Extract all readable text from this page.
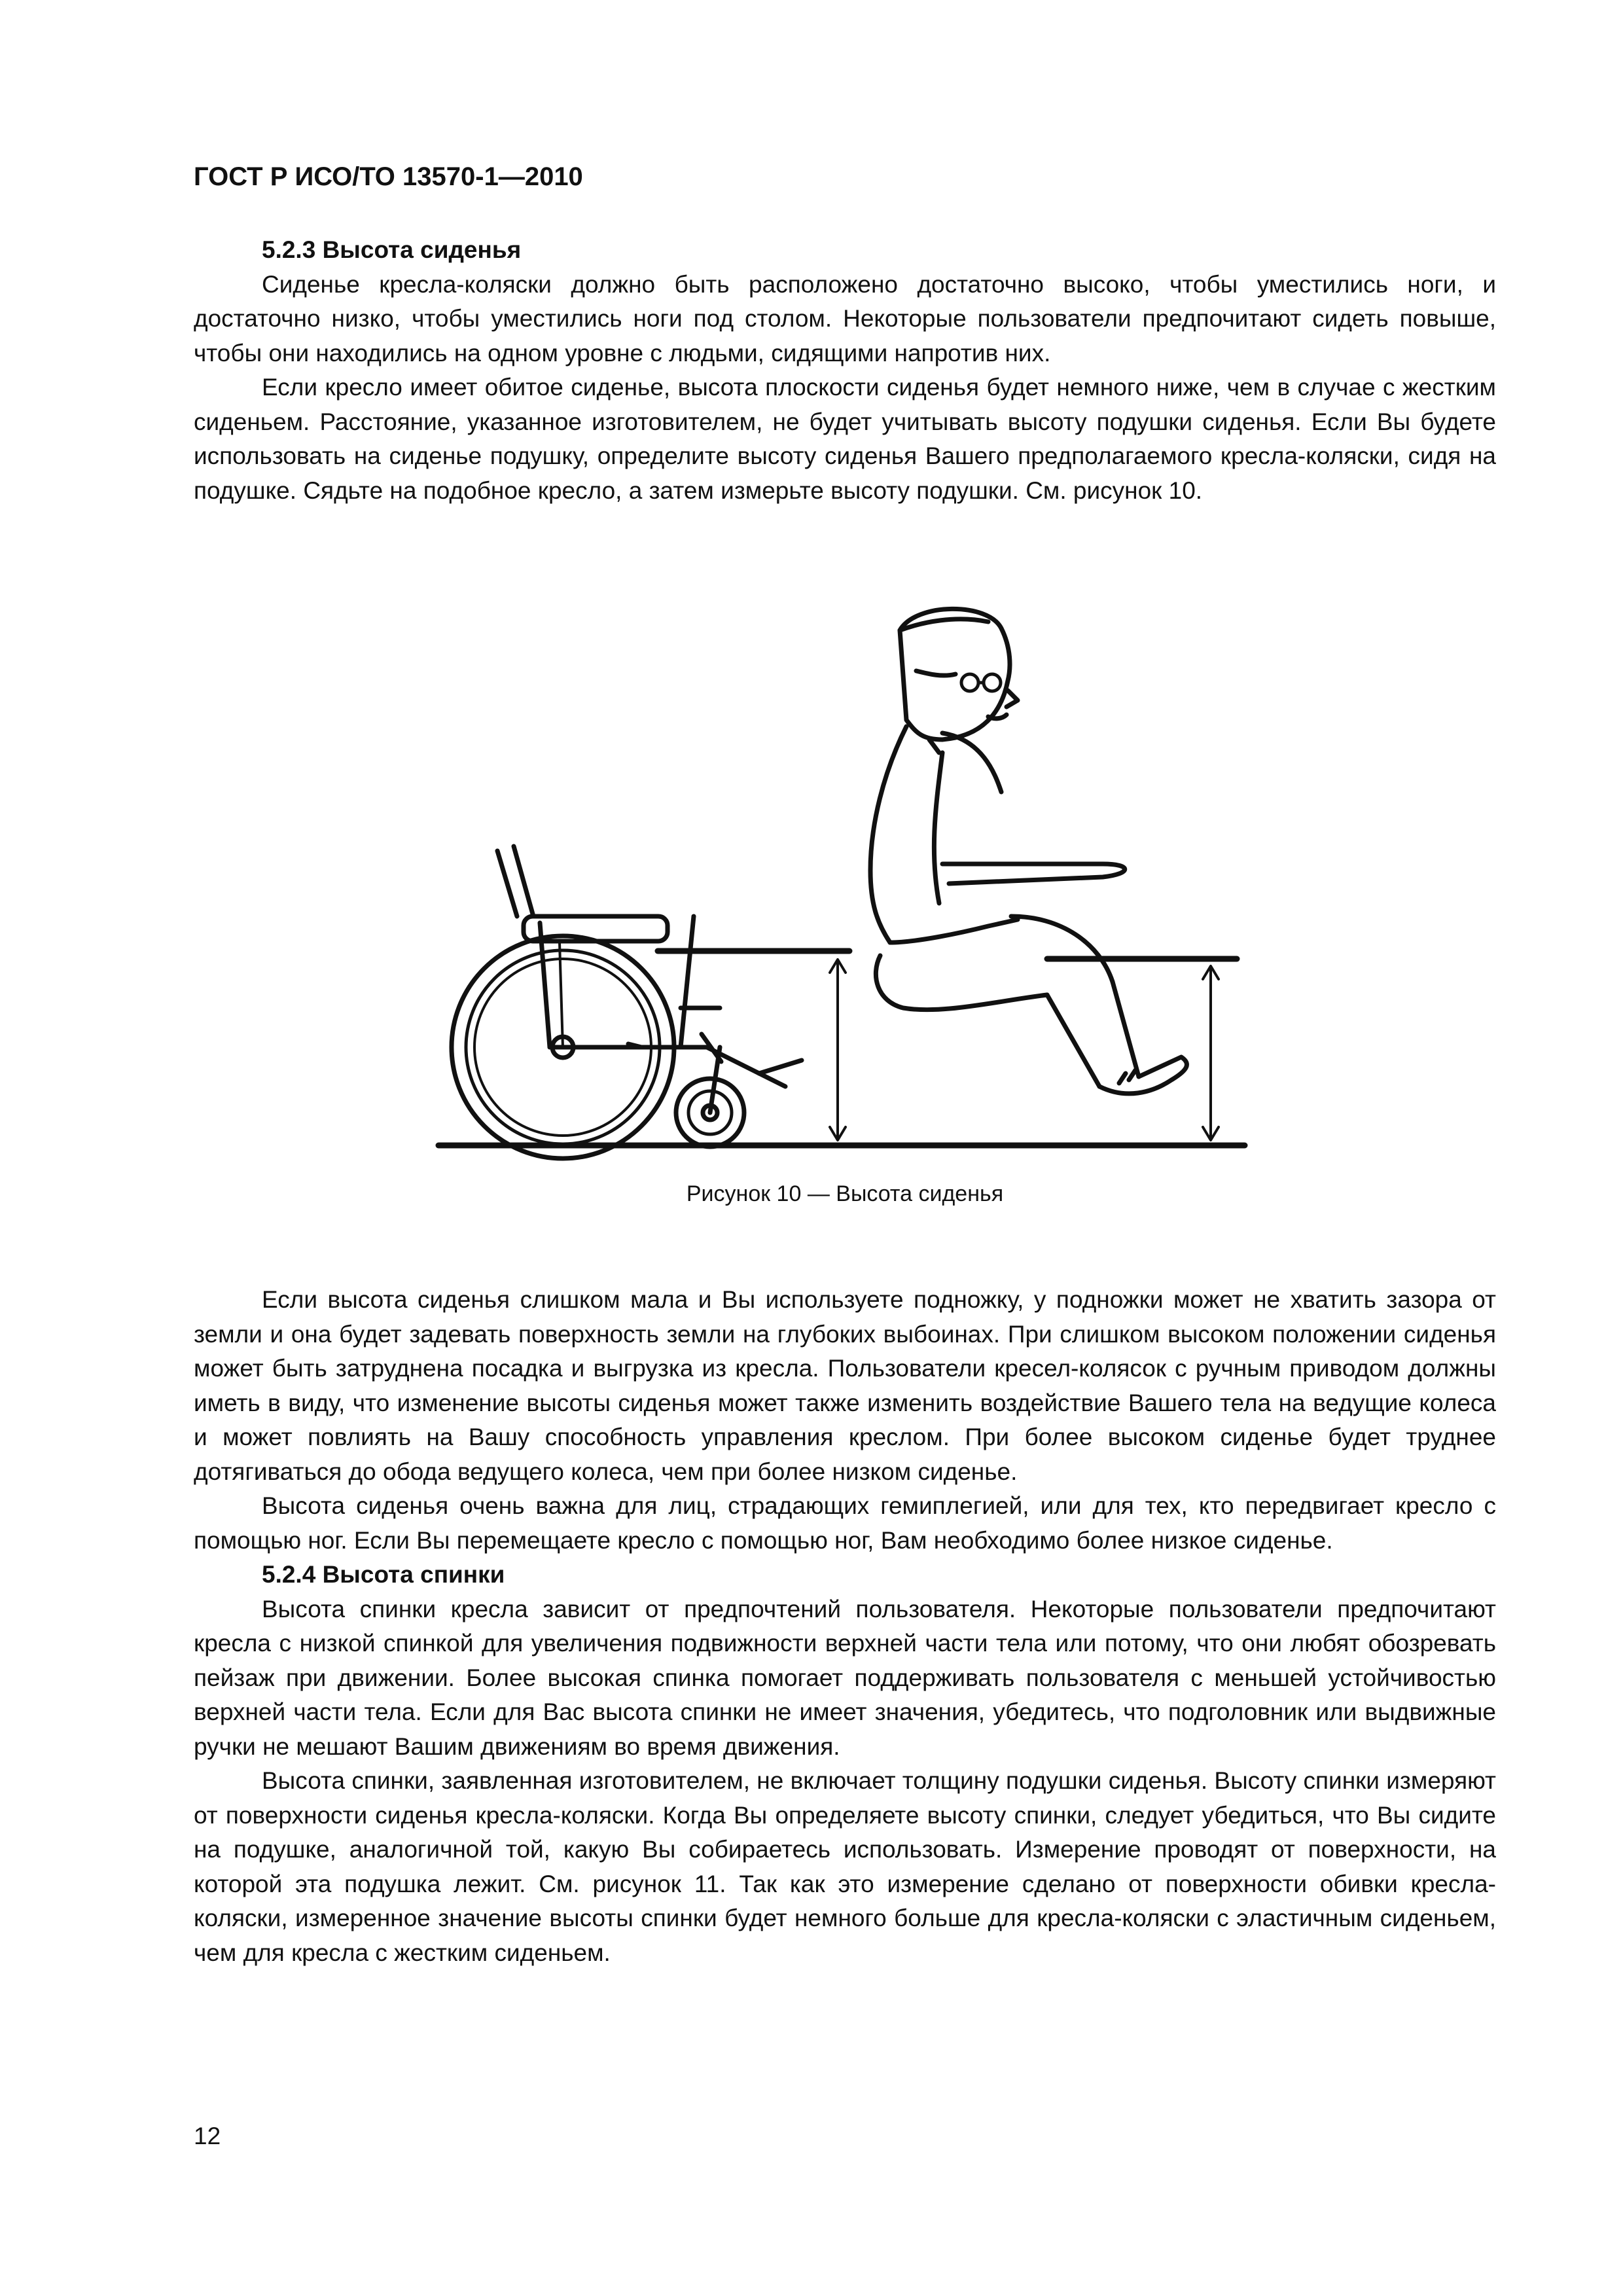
ГОСТ Р ИСО/ТО 13570-1—2010

5.2.3 Высота сиденья

Сиденье кресла-коляски должно быть расположено достаточно высоко, чтобы уместились ноги, и достаточно низко, чтобы уместились ноги под столом. Некоторые пользователи предпочитают сидеть повыше, чтобы они находились на одном уровне с людьми, сидящими напротив них.

Если кресло имеет обитое сиденье, высота плоскости сиденья будет немного ниже, чем в случае с жестким сиденьем. Расстояние, указанное изготовителем, не будет учитывать высоту подушки сиденья. Если Вы будете использовать на сиденье подушку, определите высоту сиденья Вашего предполагаемого кресла-коляски, сидя на подушке. Сядьте на подобное кресло, а затем измерьте высоту подушки. См. рисунок 10.

Рисунок 10 — Высота сиденья

Если высота сиденья слишком мала и Вы используете подножку, у подножки может не хватить зазора от земли и она будет задевать поверхность земли на глубоких выбоинах. При слишком высоком положении сиденья может быть затруднена посадка и выгрузка из кресла. Пользователи кресел-колясок с ручным приводом должны иметь в виду, что изменение высоты сиденья может также изменить воздействие Вашего тела на ведущие колеса и может повлиять на Вашу способность управления креслом. При более высоком сиденье будет труднее дотягиваться до обода ведущего колеса, чем при более низком сиденье.

Высота сиденья очень важна для лиц, страдающих гемиплегией, или для тех, кто передвигает кресло с помощью ног. Если Вы перемещаете кресло с помощью ног, Вам необходимо более низкое сиденье.

5.2.4 Высота спинки

Высота спинки кресла зависит от предпочтений пользователя. Некоторые пользователи предпочитают кресла с низкой спинкой для увеличения подвижности верхней части тела или потому, что они любят обозревать пейзаж при движении. Более высокая спинка помогает поддерживать пользователя с меньшей устойчивостью верхней части тела. Если для Вас высота спинки не имеет значения, убедитесь, что подголовник или выдвижные ручки не мешают Вашим движениям во время движения.

Высота спинки, заявленная изготовителем, не включает толщину подушки сиденья. Высоту спинки измеряют от поверхности сиденья кресла-коляски. Когда Вы определяете высоту спинки, следует убедиться, что Вы сидите на подушке, аналогичной той, какую Вы собираетесь использовать. Измерение проводят от поверхности, на которой эта подушка лежит. См. рисунок 11. Так как это измерение сделано от поверхности обивки кресла-коляски, измеренное значение высоты спинки будет немного больше для кресла-коляски с эластичным сиденьем, чем для кресла с жестким сиденьем.

12
